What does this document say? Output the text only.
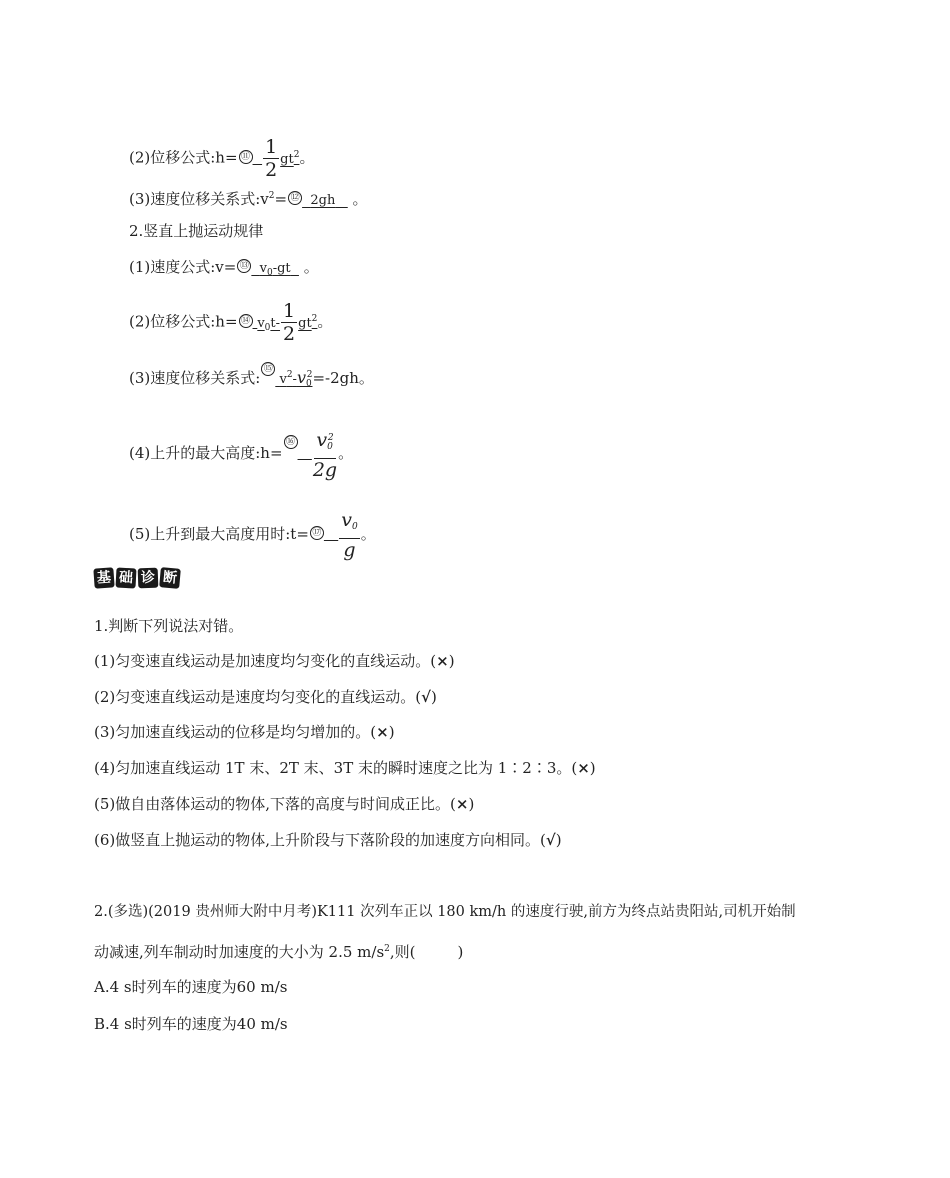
(2)位移公式:h= ⑪ $\frac{1}{2} gt^2$。
(3)速度位移关系式$:v^2=$ ⑫ 2gh 。
2.竖直上抛运动规律
(1)速度公式:v= ⑬ $v_0-gt$ 。
(2)位移公式:h= ⑭ $v_0t- \frac{1}{2} gt^2$。
(3)速度位移关系式: ⑮ $v^2-v_0^2=-2gh$。
(4)上升的最大高度:h=⑯ $\frac{v_0^2}{2g}$ 。
(5)上升到最大高度用时:t= ⑰ $\frac{v_0}{g}$ 。
基 础 诊 断
1.判断下列说法对错。
(1)匀变速直线运动是加速度均匀变化的直线运动。(×)
(2)匀变速直线运动是速度均匀变化的直线运动。(√)
(3)匀加速直线运动的位移是均匀增加的。(×)
(4)匀加速直线运动 1T 末、2T 末、3T 末的瞬时速度之比为 1∶2∶3。(×)
(5)做自由落体运动的物体,下落的高度与时间成正比。(×)
(6)做竖直上抛运动的物体,上升阶段与下落阶段的加速度方向相同。(√)
2.(多选)(2019 贵州师大附中月考)K111 次列车正以 180 km/h 的速度行驶,前方为终点站贵阳站,司机开始制
动减速,列车制动时加速度的大小为 2.5 $m/s^2$,则(	)
A.4 s时列车的速度为60 m/s
B.4 s时列车的速度为40 m/s
